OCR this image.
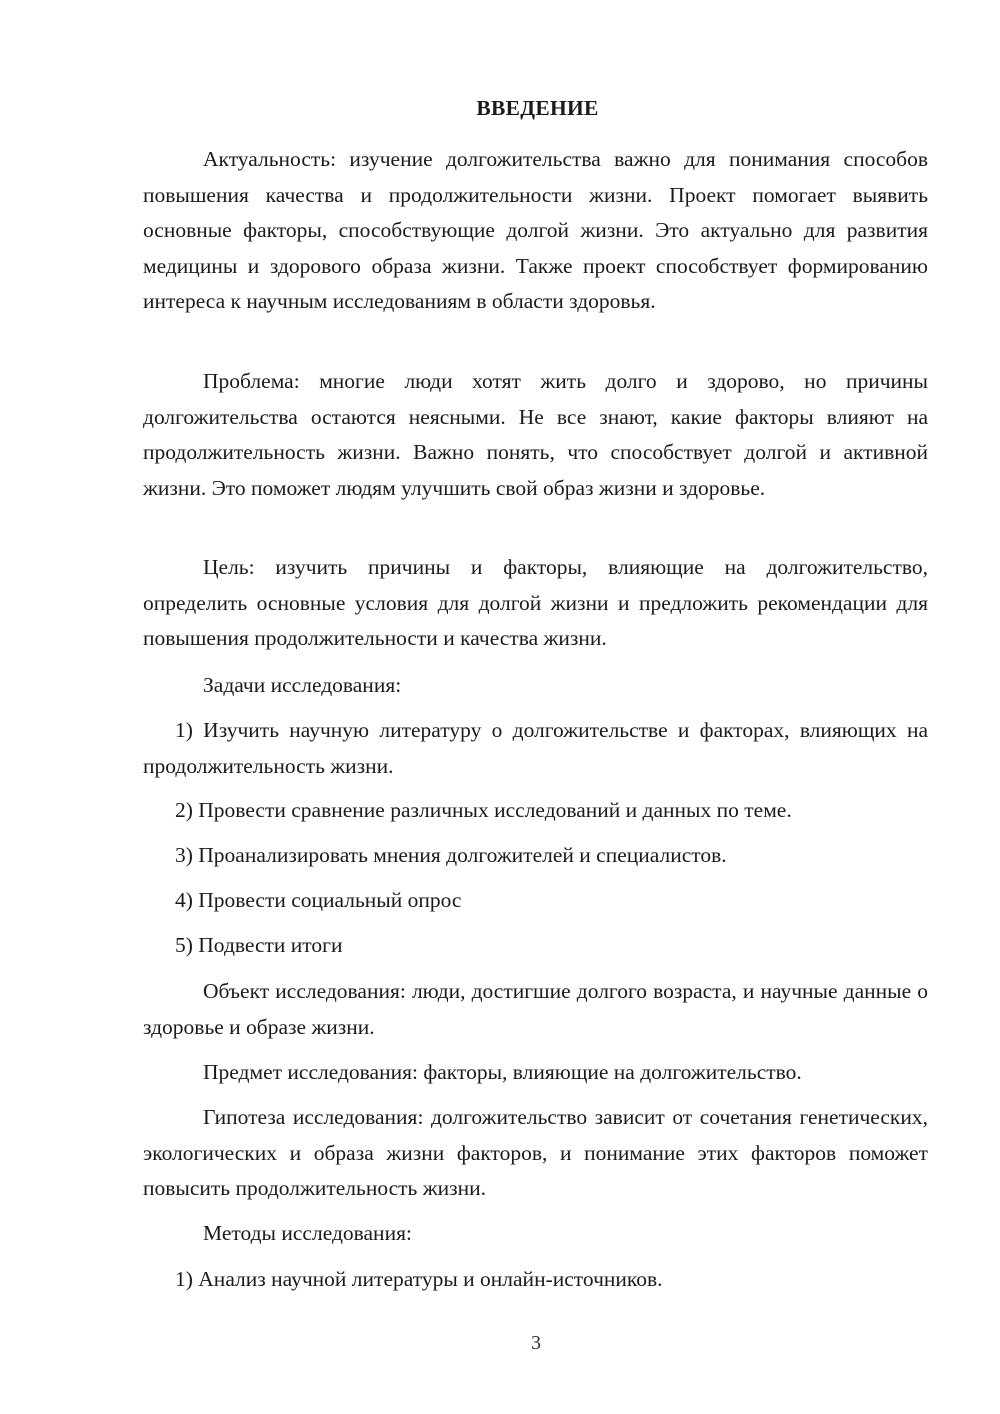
ВВЕДЕНИЕ

Актуальность: изучение долгожительства важно для понимания способов повышения качества и продолжительности жизни. Проект помогает выявить основные факторы, способствующие долгой жизни. Это актуально для развития медицины и здорового образа жизни. Также проект способствует формированию интереса к научным исследованиям в области здоровья.

Проблема: многие люди хотят жить долго и здорово, но причины долгожительства остаются неясными. Не все знают, какие факторы влияют на продолжительность жизни. Важно понять, что способствует долгой и активной жизни. Это поможет людям улучшить свой образ жизни и здоровье.

Цель: изучить причины и факторы, влияющие на долгожительство, определить основные условия для долгой жизни и предложить рекомендации для повышения продолжительности и качества жизни.

Задачи исследования:

1) Изучить научную литературу о долгожительстве и факторах, влияющих на продолжительность жизни.

2) Провести сравнение различных исследований и данных по теме.

3) Проанализировать мнения долгожителей и специалистов.

4) Провести социальный опрос

5) Подвести итоги

Объект исследования: люди, достигшие долгого возраста, и научные данные о здоровье и образе жизни.

Предмет исследования: факторы, влияющие на долгожительство.

Гипотеза исследования: долгожительство зависит от сочетания генетических, экологических и образа жизни факторов, и понимание этих факторов поможет повысить продолжительность жизни.

Методы исследования:

1) Анализ научной литературы и онлайн-источников.

3
